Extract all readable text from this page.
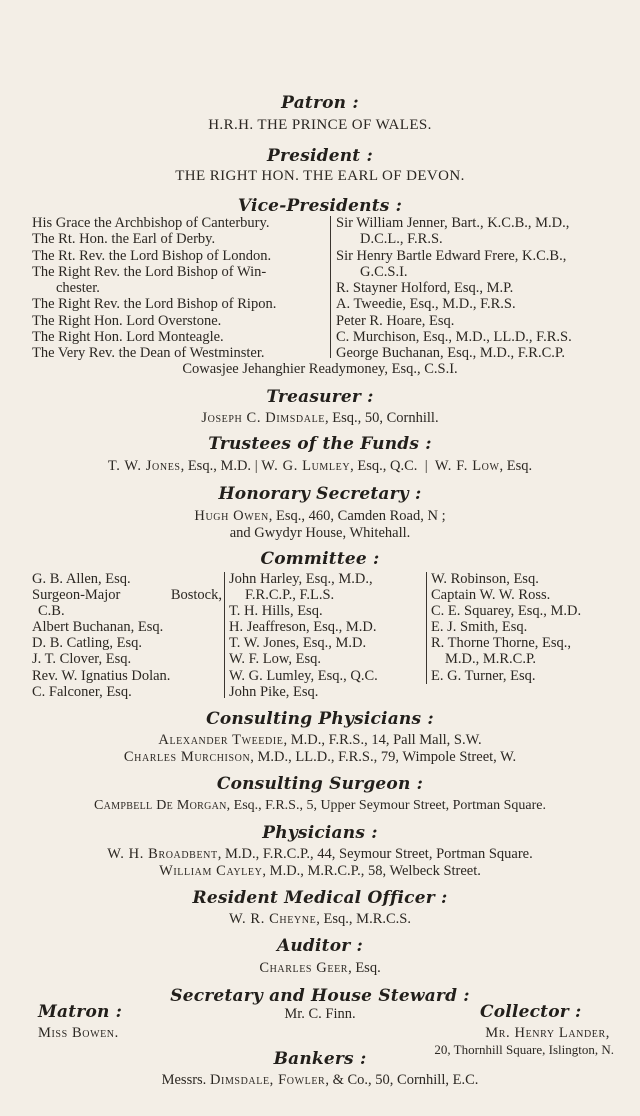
Patron :
H.R.H. THE PRINCE OF WALES.
President :
THE RIGHT HON. THE EARL OF DEVON.
Vice-Presidents :
His Grace the Archbishop of Canterbury.
The Rt. Hon. the Earl of Derby.
The Rt. Rev. the Lord Bishop of London.
The Right Rev. the Lord Bishop of Win-
chester.
The Right Rev. the Lord Bishop of Ripon.
The Right Hon. Lord Overstone.
The Right Hon. Lord Monteagle.
The Very Rev. the Dean of Westminster.
Sir William Jenner, Bart., K.C.B., M.D.,
D.C.L., F.R.S.
Sir Henry Bartle Edward Frere, K.C.B.,
G.C.S.I.
R. Stayner Holford, Esq., M.P.
A. Tweedie, Esq., M.D., F.R.S.
Peter R. Hoare, Esq.
C. Murchison, Esq., M.D., LL.D., F.R.S.
George Buchanan, Esq., M.D., F.R.C.P.
Cowasjee Jehanghier Readymoney, Esq., C.S.I.
Treasurer :
Joseph C. Dimsdale, Esq., 50, Cornhill.
Trustees of the Funds :
T. W. Jones, Esq., M.D. | W. G. Lumley, Esq., Q.C. | W. F. Low, Esq.
Honorary Secretary :
Hugh Owen, Esq., 460, Camden Road, N ;
and Gwydyr House, Whitehall.
Committee :
G. B. Allen, Esq.
Surgeon-Major	Bostock,
C.B.
Albert Buchanan, Esq.
D. B. Catling, Esq.
J. T. Clover, Esq.
Rev. W. Ignatius Dolan.
C. Falconer, Esq.
John Harley, Esq., M.D.,
F.R.C.P., F.L.S.
T. H. Hills, Esq.
H. Jeaffreson, Esq., M.D.
T. W. Jones, Esq., M.D.
W. F. Low, Esq.
W. G. Lumley, Esq., Q.C.
John Pike, Esq.
W. Robinson, Esq.
Captain W. W. Ross.
C. E. Squarey, Esq., M.D.
E. J. Smith, Esq.
R. Thorne Thorne, Esq.,
M.D., M.R.C.P.
E. G. Turner, Esq.
Consulting Physicians :
Alexander Tweedie, M.D., F.R.S., 14, Pall Mall, S.W.
Charles Murchison, M.D., LL.D., F.R.S., 79, Wimpole Street, W.
Consulting Surgeon :
Campbell De Morgan, Esq., F.R.S., 5, Upper Seymour Street, Portman Square.
Physicians :
W. H. Broadbent, M.D., F.R.C.P., 44, Seymour Street, Portman Square.
William Cayley, M.D., M.R.C.P., 58, Welbeck Street.
Resident Medical Officer :
W. R. Cheyne, Esq., M.R.C.S.
Auditor :
Charles Geer, Esq.
Secretary and House Steward :
Mr. C. Finn.
Matron :
Miss Bowen.
Collector :
Mr. Henry Lander,
20, Thornhill Square, Islington, N.
Bankers :
Messrs. Dimsdale, Fowler, & Co., 50, Cornhill, E.C.
